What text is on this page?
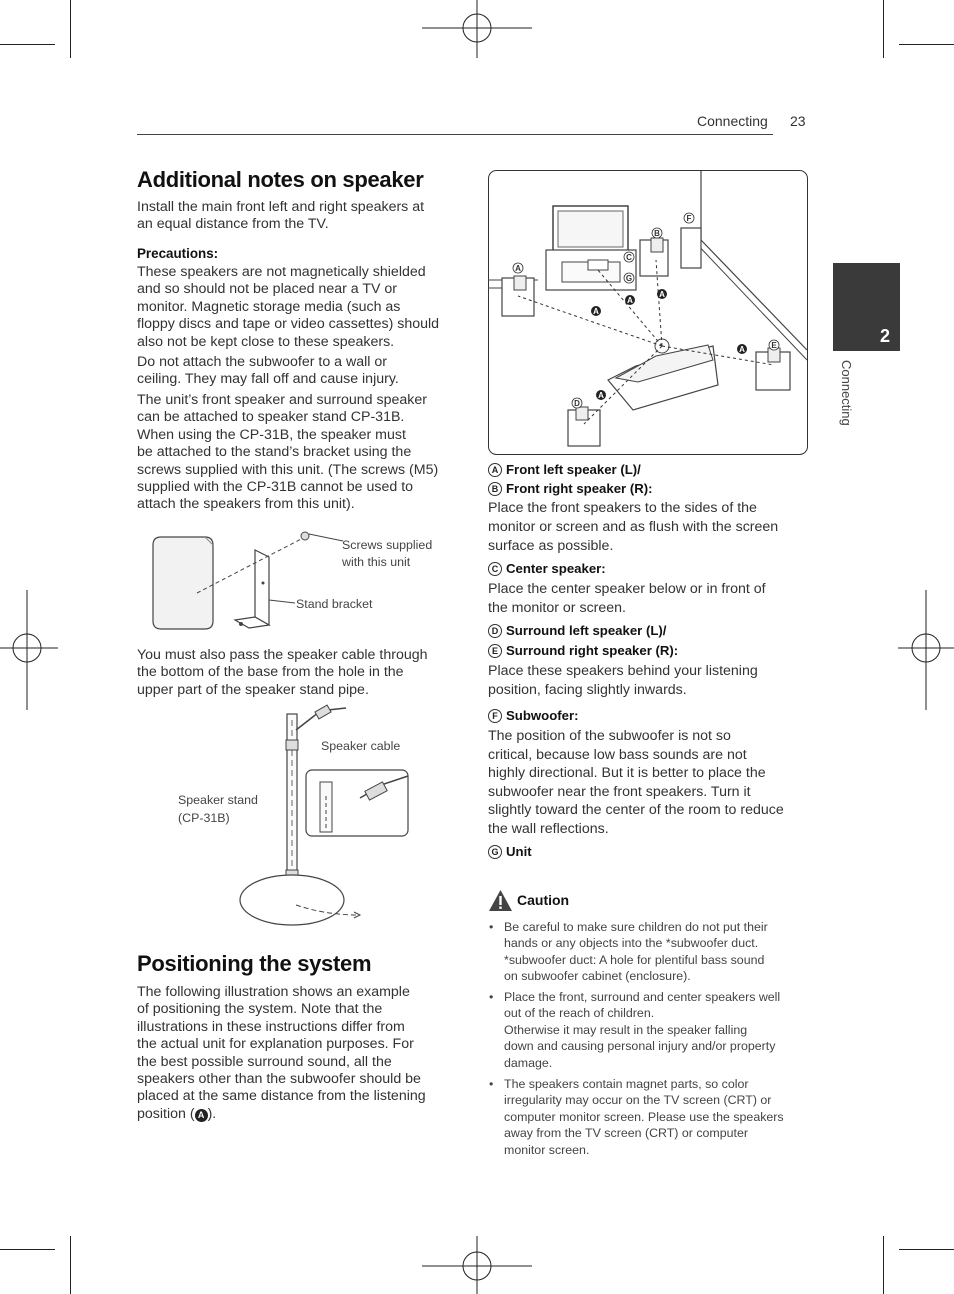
Connecting 23
2
Connecting
Additional notes on speaker
Install the main front left and right speakers at
an equal distance from the TV.
Precautions:
These speakers are not magnetically shielded
and so should not be placed near a TV or
monitor. Magnetic storage media (such as
floppy discs and tape or video cassettes) should
also not be kept close to these speakers.
Do not attach the subwoofer to a wall or
ceiling. They may fall off and cause injury.
The unit’s front speaker and surround speaker
can be attached to speaker stand CP-31B.
When using the CP-31B, the speaker must
be attached to the stand’s bracket using the
screws supplied with this unit. (The screws (M5)
supplied with the CP-31B cannot be used to
attach the speakers from this unit).
Screws supplied
with this unit
Stand bracket
You must also pass the speaker cable through
the bottom of the base from the hole in the
upper part of the speaker stand pipe.
Speaker cable
Speaker stand
(CP-31B)
Positioning the system
The following illustration shows an example
of positioning the system. Note that the
illustrations in these instructions differ from
the actual unit for explanation purposes. For
the best possible surround sound, all the
speakers other than the subwoofer should be
placed at the same distance from the listening
position ( A ).
A
B
C
D
E
F
G
A
A
A
A
A
A Front left speaker (L)/
B Front right speaker (R):
Place the front speakers to the sides of the
monitor or screen and as flush with the screen
surface as possible.
C Center speaker:
Place the center speaker below or in front of
the monitor or screen.
D Surround left speaker (L)/
E Surround right speaker (R):
Place these speakers behind your listening
position, facing slightly inwards.
F Subwoofer:
The position of the subwoofer is not so
critical, because low bass sounds are not
highly directional. But it is better to place the
subwoofer near the front speakers. Turn it
slightly toward the center of the room to reduce
the wall reflections.
G Unit
Caution
• Be careful to make sure children do not put their
hands or any objects into the *subwoofer duct.
*subwoofer duct: A hole for plentiful bass sound
on subwoofer cabinet (enclosure).
• Place the front, surround and center speakers well
out of the reach of children.
Otherwise it may result in the speaker falling
down and causing personal injury and/or property
damage.
• The speakers contain magnet parts, so color
irregularity may occur on the TV screen (CRT) or
computer monitor screen. Please use the speakers
away from the TV screen (CRT) or computer
monitor screen.
